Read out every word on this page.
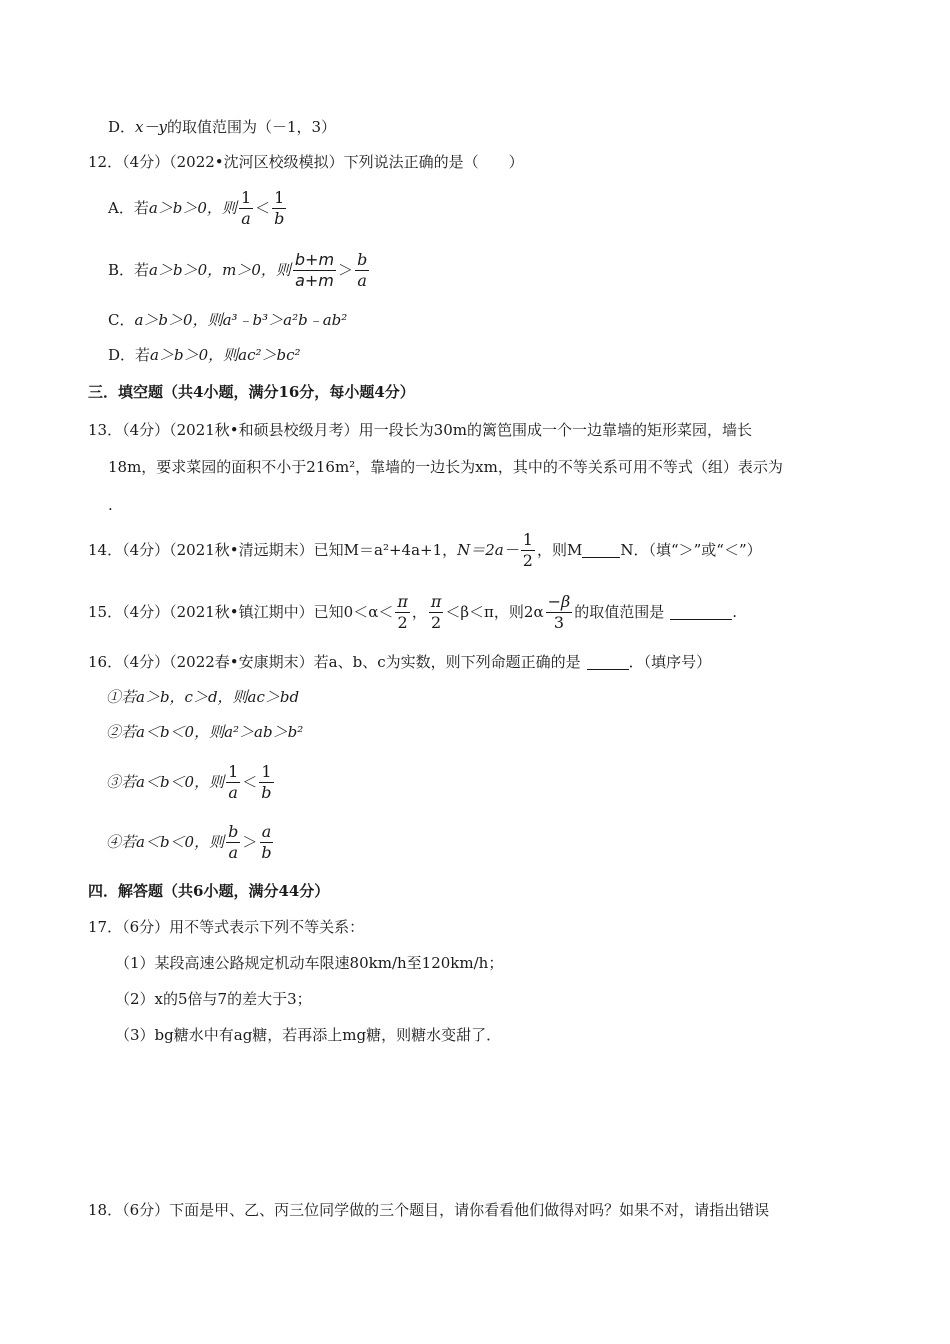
D． x－y 的取值范围为（－1，3）
12．（4分）（2022•沈河区校级模拟）下列说法正确的是（　　）
A．若 a＞b＞0，则 $\frac{1}{a} < \frac{1}{b}$
B．若 a＞b＞0，m＞0，则 $\frac{b+m}{a+m} > \frac{b}{a}$
C． a＞b＞0，则a³﹣b³＞a²b﹣ab²
D．若 a＞b＞0，则ac²＞bc²
三．填空题（共4小题，满分16分，每小题4分）
13．（4分）（2021秋•和硕县校级月考）用一段长为30m的篱笆围成一个一边靠墙的矩形菜园，墙长
18m，要求菜园的面积不小于216m²，靠墙的一边长为xm，其中的不等关系可用不等式（组）表示为
.
14．（4分）（2021秋•清远期末）已知M＝a²+4a+1， $N=2a- \frac{1}{2}$ ，则M	N．（填“＞”或“＜”）
15．（4分）（2021秋•镇江期中）已知$0<\alpha< \frac{\pi}{2}$ ， $\frac{\pi}{2} <\beta<\pi$，则$2\alpha \frac{-\beta}{3}$ 的取值范围是	.
16．（4分）（2022春•安康期末）若a、b、c为实数，则下列命题正确的是	．（填序号）
①若a＞b，c＞d，则ac＞bd
②若a＜b＜0，则a²＞ab＞b²
③若a＜b＜0，则 $\frac{1}{a} < \frac{1}{b}$
④若a＜b＜0，则 $\frac{b}{a} > \frac{a}{b}$
四．解答题（共6小题，满分44分）
17．（6分）用不等式表示下列不等关系：
（1）某段高速公路规定机动车限速80km/h至120km/h；
（2）x的5倍与7的差大于3；
（3）bg糖水中有ag糖，若再添上mg糖，则糖水变甜了．
18．（6分）下面是甲、乙、丙三位同学做的三个题目，请你看看他们做得对吗？如果不对，请指出错误
